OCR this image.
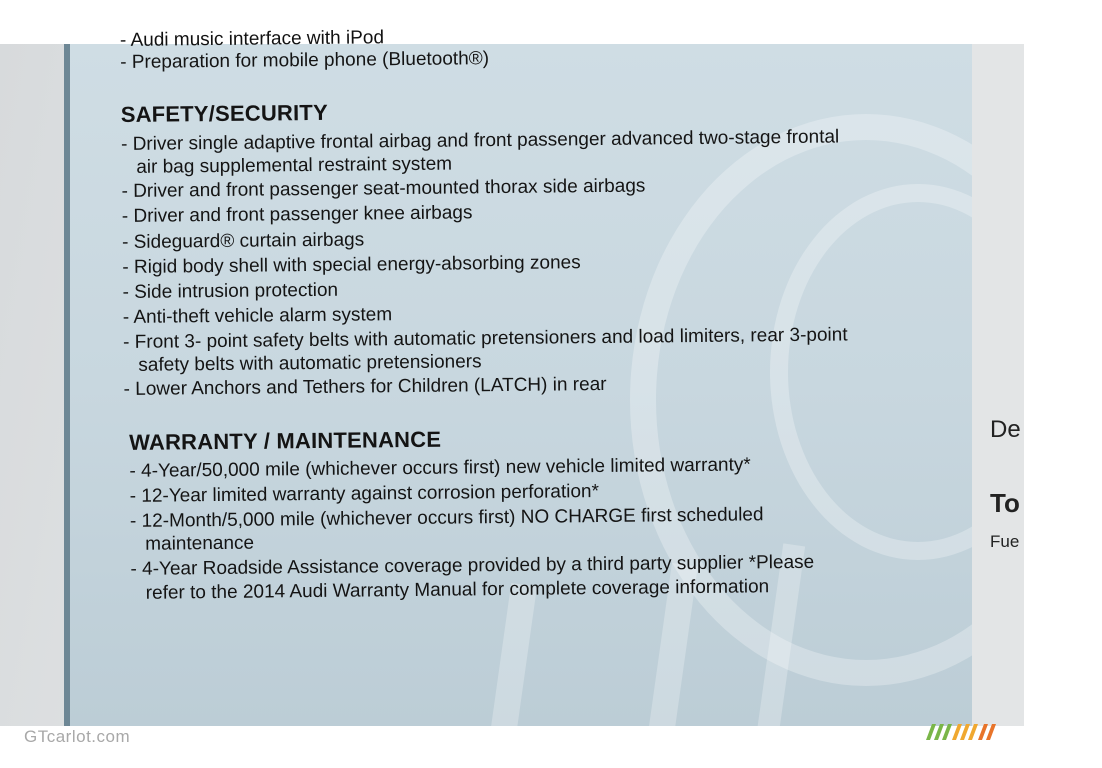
- Audi music interface with iPod
- Preparation for mobile phone (Bluetooth®)
SAFETY/SECURITY
- Driver single adaptive frontal airbag and front passenger advanced two-stage frontal
air bag supplemental restraint system
- Driver and front passenger seat-mounted thorax side airbags
- Driver and front passenger knee airbags
- Sideguard® curtain airbags
- Rigid body shell with special energy-absorbing zones
- Side intrusion protection
- Anti-theft vehicle alarm system
- Front 3- point safety belts with automatic pretensioners and load limiters, rear 3-point
safety belts with automatic pretensioners
- Lower Anchors and Tethers for Children (LATCH) in rear
WARRANTY / MAINTENANCE
- 4-Year/50,000 mile (whichever occurs first) new vehicle limited warranty*
- 12-Year limited warranty against corrosion perforation*
- 12-Month/5,000 mile (whichever occurs first) NO CHARGE first scheduled
maintenance
- 4-Year Roadside Assistance coverage provided by a third party supplier *Please
refer to the 2014 Audi Warranty Manual for complete coverage information
De
To
Fue
GTcarlot.com
